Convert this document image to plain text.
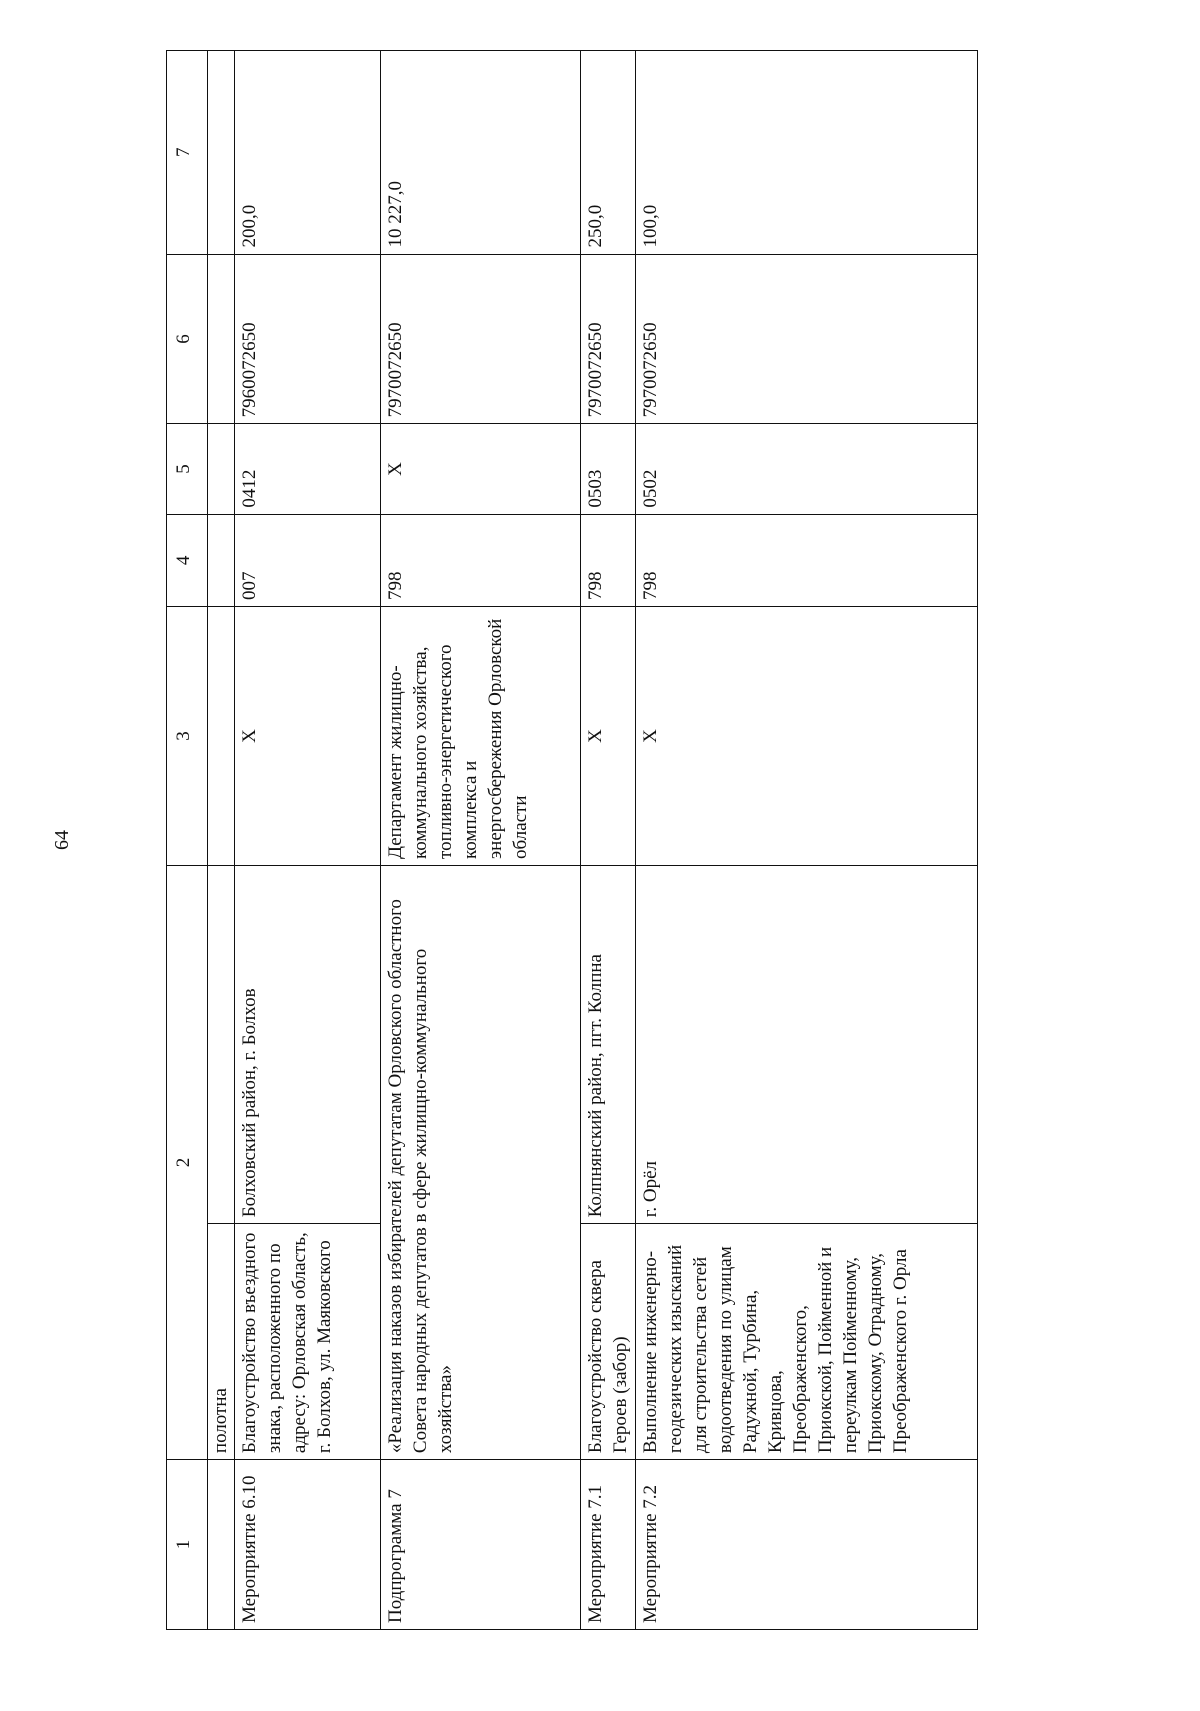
64
1	2		3	4	5	6	7
	полотна						
Мероприятие 6.10	Благоустройство въездного знака, расположенного по адресу: Орловская область, г. Болхов, ул. Маяковского	Болховский район, г. Болхов	Х	007	0412	7960072650	200,0
Подпрограмма 7	«Реализация наказов избирателей депутатам Орловского областного Совета народных депутатов в сфере жилищно-коммунального хозяйства»		Департамент жилищно-коммунального хозяйства, топливно-энергетического комплекса и энергосбережения Орловской области	798	Х	7970072650	10 227,0
Мероприятие 7.1	Благоустройство сквера Героев (забор)	Колпнянский район, пгт. Колпна	Х	798	0503	7970072650	250,0
Мероприятие 7.2	Выполнение инженерно-геодезических изысканий для строительства сетей водоотведения по улицам Радужной, Турбина, Кривцова, Преображенского, Приокской, Пойменной и переулкам Пойменному, Приокскому, Отрадному, Преображенского г. Орла	г. Орёл	Х	798	0502	7970072650	100,0
